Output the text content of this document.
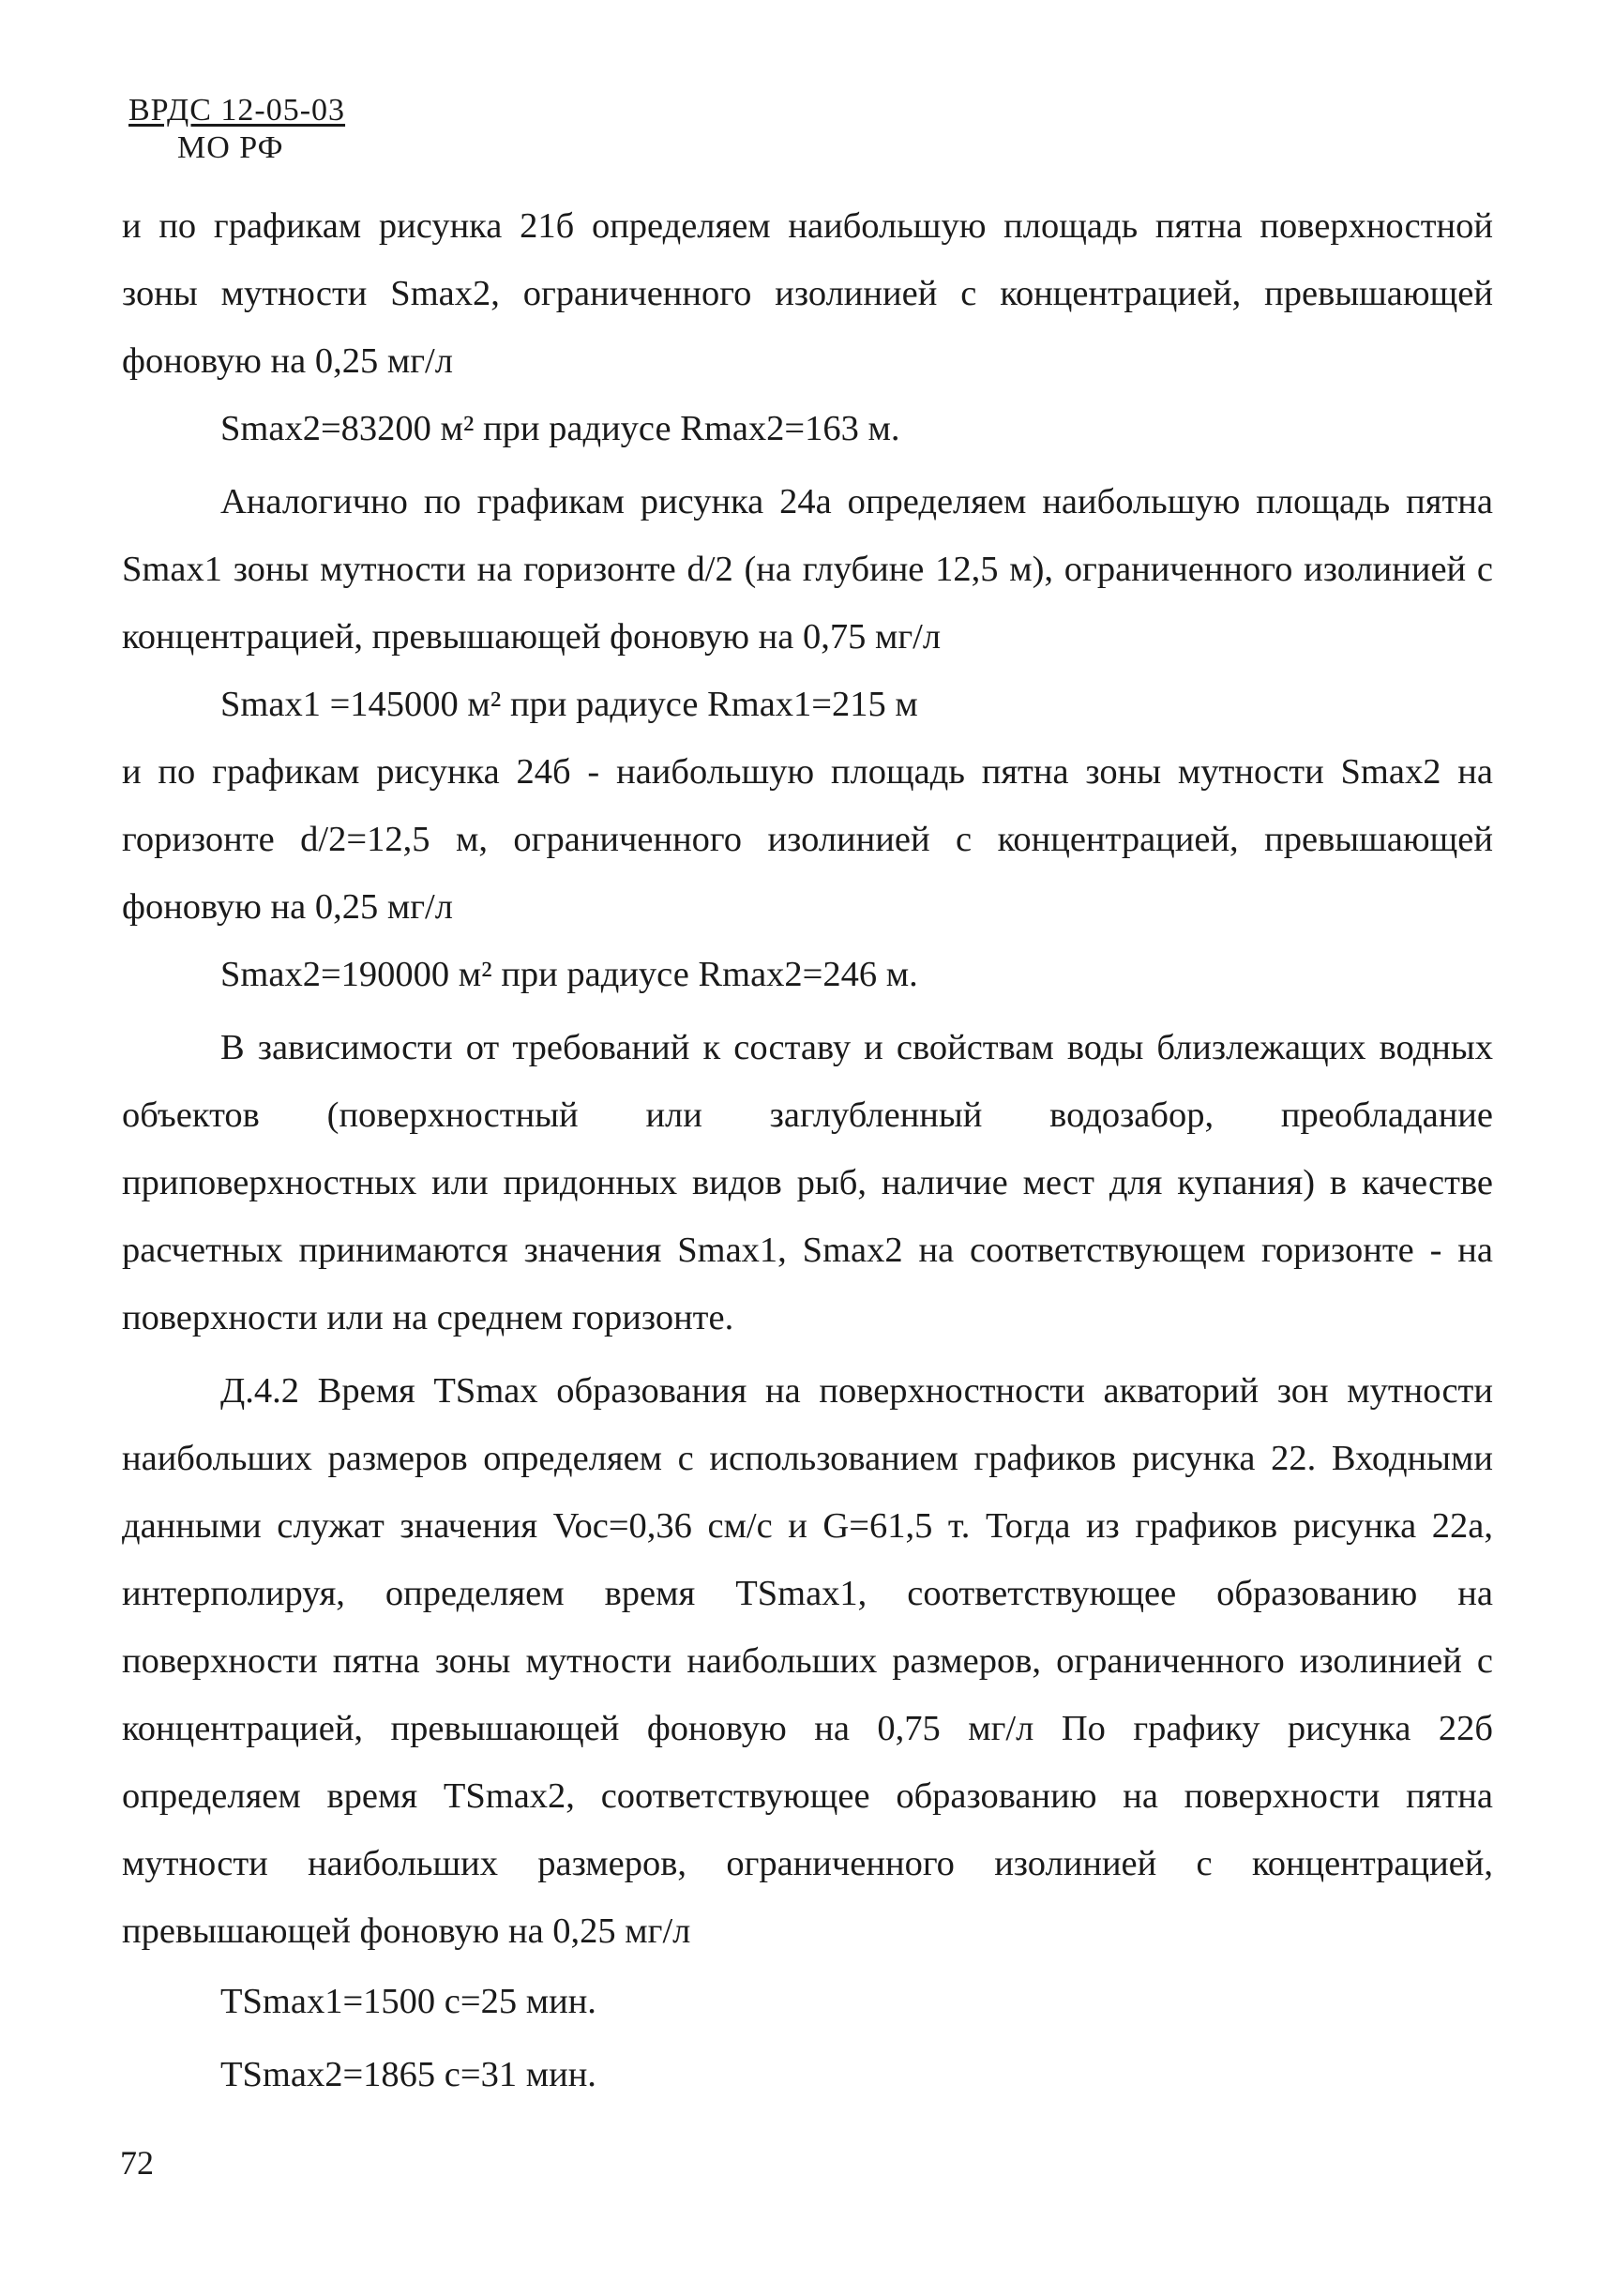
ВРДС 12-05-03
МО РФ

и по графикам рисунка 21б определяем наибольшую площадь пятна поверхностной зоны мутности Smax2, ограниченного изолинией с концентрацией, превышающей фоновую на 0,25 мг/л

Smax2=83200 м² при радиусе Rmax2=163 м.

Аналогично по графикам рисунка 24а определяем наибольшую площадь пятна Smax1 зоны мутности на горизонте d/2 (на глубине 12,5 м), ограниченного изолинией с концентрацией, превышающей фоновую на 0,75 мг/л

Smax1 =145000 м² при радиусе Rmax1=215 м

и по графикам рисунка 24б - наибольшую площадь пятна зоны мутности Smax2 на горизонте d/2=12,5 м, ограниченного изолинией с концентрацией, превышающей фоновую на 0,25 мг/л

Smax2=190000 м² при радиусе Rmax2=246 м.

В зависимости от требований к составу и свойствам воды близлежащих водных объектов (поверхностный или заглубленный водозабор, преобладание приповерхностных или придонных видов рыб, наличие мест для купания) в качестве расчетных принимаются значения Smax1, Smax2 на соответствующем горизонте - на поверхности или на среднем горизонте.

Д.4.2 Время TSmax образования на поверхностности акваторий зон мутности наибольших размеров определяем с использованием графиков рисунка 22. Входными данными служат значения Voc=0,36 см/с и G=61,5 т. Тогда из графиков рисунка 22а, интерполируя, определяем время TSmax1, соответствующее образованию на поверхности пятна зоны мутности наибольших размеров, ограниченного изолинией с концентрацией, превышающей фоновую на 0,75 мг/л По графику рисунка 22б определяем время TSmax2, соответствующее образованию на поверхности пятна мутности наибольших размеров, ограниченного изолинией с концентрацией, превышающей фоновую на 0,25 мг/л

TSmax1=1500 с=25 мин.

TSmax2=1865 с=31 мин.

72
